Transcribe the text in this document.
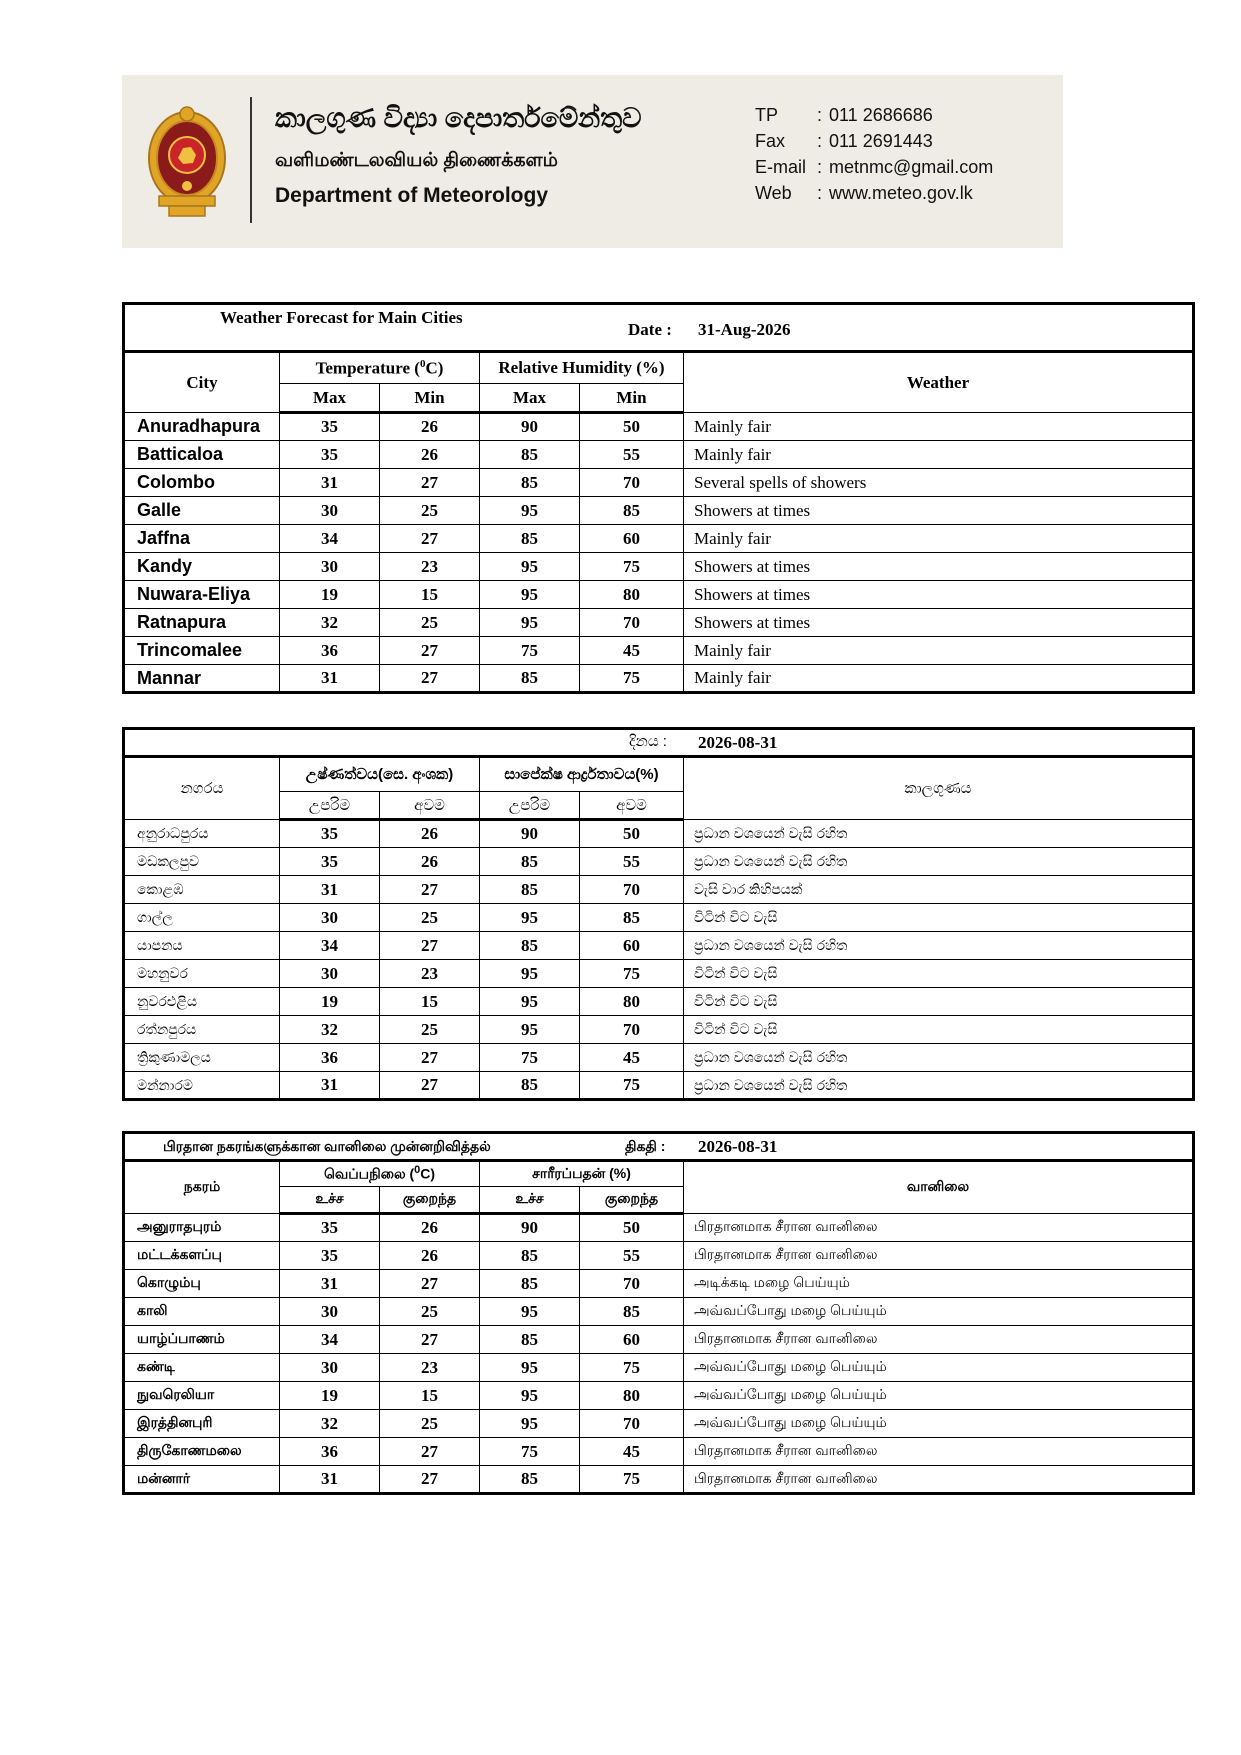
කාලගුණ විද්‍යා දෙපාර්තමේන්තුව
வளிமண்டலவியல் திணைக்களம்
Department of Meteorology
TP	: 011 2686686
Fax	: 011 2691443
E-mail : metnmc@gmail.com
Web	: www.meteo.gov.lk
Weather Forecast for Main Cities
Date : 31-Aug-2026					

City	Temperature ($^0$C)		Relative Humidity (%)		Weather
	Max	Min	Max	Min	
Anuradhapura	35	26	90	50	Mainly fair
Batticaloa	35	26	85	55	Mainly fair
Colombo	31	27	85	70	Several spells of showers
Galle	30	25	95	85	Showers at times
Jaffna	34	27	85	60	Mainly fair
Kandy	30	23	95	75	Showers at times
Nuwara-Eliya	19	15	95	80	Showers at times
Ratnapura	32	25	95	70	Showers at times
Trincomalee	36	27	75	45	Mainly fair
Mannar	31	27	85	75	Mainly fair
දිනය : 2026-08-31					

නගරය	උෂ්ණත්වය(සෙ. අංශක)		සාපේක්ෂ ආර්ද්‍රතාවය(%)		කාලගුණය
	උපරිම	අවම	උපරිම	අවම	
අනුරාධපුරය	35	26	90	50	ප්‍රධාන වශයෙන් වැසි රහිත
මඩකලපුව	35	26	85	55	ප්‍රධාන වශයෙන් වැසි රහිත
කොළඹ	31	27	85	70	වැසි වාර කිහිපයක්
ගාල්ල	30	25	95	85	විටින් විට වැසි
යාපනය	34	27	85	60	ප්‍රධාන වශයෙන් වැසි රහිත
මහනුවර	30	23	95	75	විටින් විට වැසි
නුවරඑළිය	19	15	95	80	විටින් විට වැසි
රත්නපුරය	32	25	95	70	විටින් විට වැසි
ත්‍රිකුණාමලය	36	27	75	45	ප්‍රධාන වශයෙන් වැසි රහිත
මන්නාරම	31	27	85	75	ප්‍රධාන වශයෙන් වැසි රහිත
பிரதான நகரங்களுக்கான வானிலை முன்னறிவித்தல் திகதி : 2026-08-31					

நகரம்	வெப்பநிலை ($^0$C)		சாரீரப்பதன் (%)		வானிலை
	உச்ச	குறைந்த	உச்ச	குறைந்த	
அனுராதபுரம்	35	26	90	50	பிரதானமாக சீரான வானிலை
மட்டக்களப்பு	35	26	85	55	பிரதானமாக சீரான வானிலை
கொழும்பு	31	27	85	70	அடிக்கடி மழை பெய்யும்
காலி	30	25	95	85	அவ்வப்போது மழை பெய்யும்
யாழ்ப்பாணம்	34	27	85	60	பிரதானமாக சீரான வானிலை
கண்டி	30	23	95	75	அவ்வப்போது மழை பெய்யும்
நுவரெலியா	19	15	95	80	அவ்வப்போது மழை பெய்யும்
இரத்தினபுரி	32	25	95	70	அவ்வப்போது மழை பெய்யும்
திருகோணமலை	36	27	75	45	பிரதானமாக சீரான வானிலை
மன்னார்	31	27	85	75	பிரதானமாக சீரான வானிலை
